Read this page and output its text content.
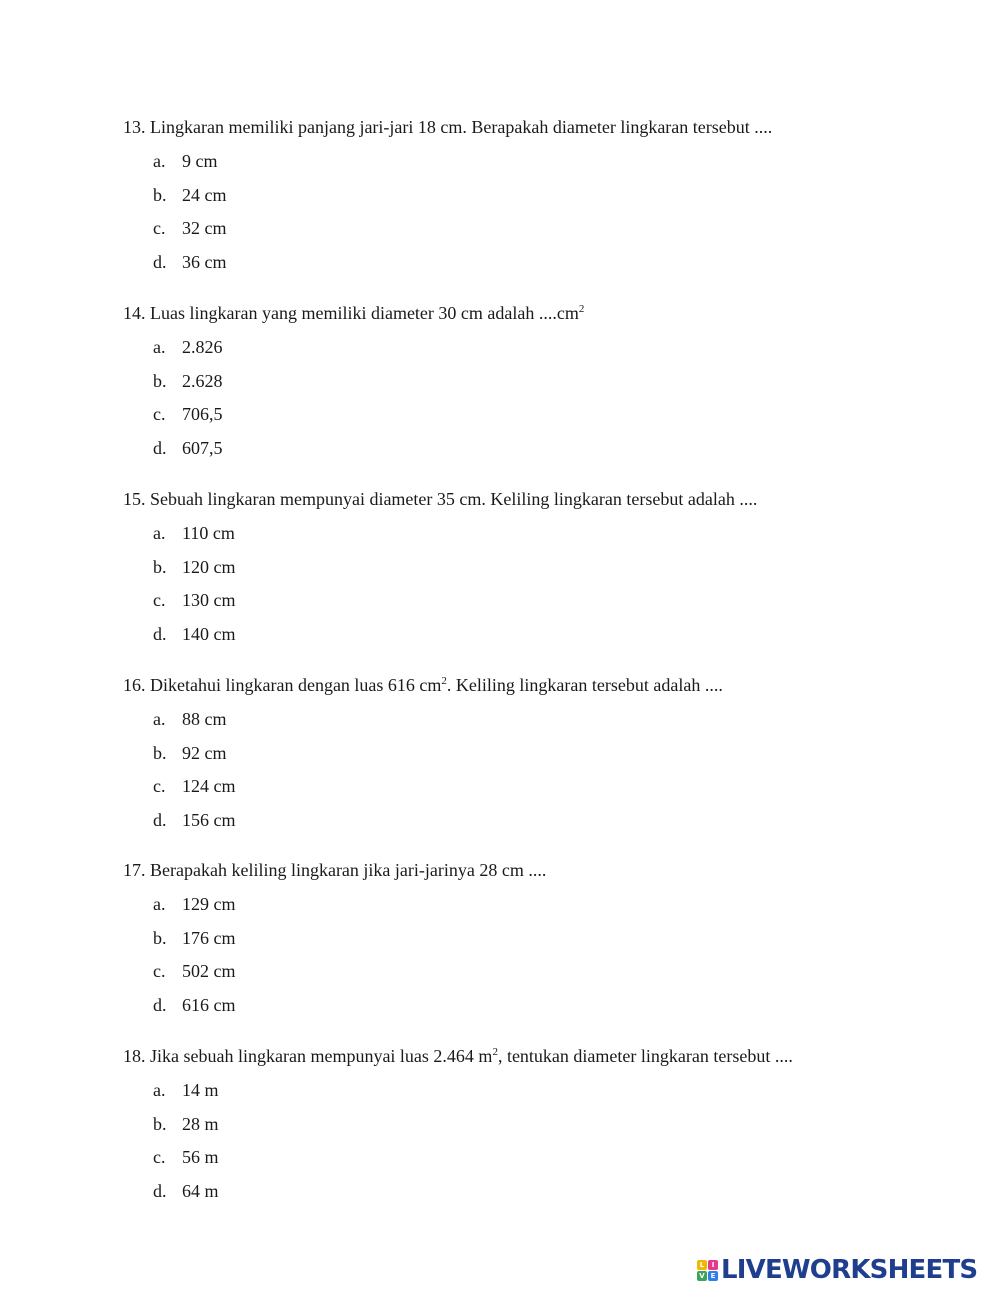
13. Lingkaran memiliki panjang jari-jari 18 cm. Berapakah diameter lingkaran tersebut ....

a. 9 cm
b. 24 cm
c. 32 cm
d. 36 cm

14. Luas lingkaran yang memiliki diameter 30 cm adalah $....cm^2$

a. 2.826
b. 2.628
c. 706,5
d. 607,5

15. Sebuah lingkaran mempunyai diameter 35 cm. Keliling lingkaran tersebut adalah ....

a. 110 cm
b. 120 cm
c. 130 cm
d. 140 cm

16. Diketahui lingkaran dengan luas 616 $cm^2$. Keliling lingkaran tersebut adalah ....

a. 88 cm
b. 92 cm
c. 124 cm
d. 156 cm

17. Berapakah keliling lingkaran jika jari-jarinya 28 cm ....

a. 129 cm
b. 176 cm
c. 502 cm
d. 616 cm

18. Jika sebuah lingkaran mempunyai luas 2.464 $m^2$, tentukan diameter lingkaran tersebut ....

a. 14 m
b. 28 m
c. 56 m
d. 64 m
L	I
V E LIVEWORKSHEETS
